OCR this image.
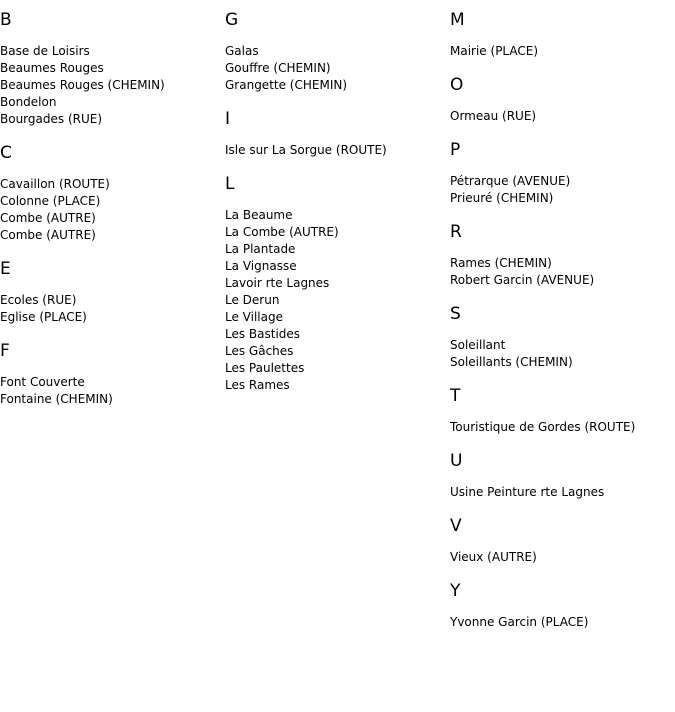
B
Base de Loisirs
Beaumes Rouges
Beaumes Rouges (CHEMIN)
Bondelon
Bourgades (RUE)
C
Cavaillon (ROUTE)
Colonne (PLACE)
Combe (AUTRE)
Combe (AUTRE)
E
Ecoles (RUE)
Eglise (PLACE)
F
Font Couverte
Fontaine (CHEMIN)
G
Galas
Gouffre (CHEMIN)
Grangette (CHEMIN)
I
Isle sur La Sorgue (ROUTE)
L
La Beaume
La Combe (AUTRE)
La Plantade
La Vignasse
Lavoir rte Lagnes
Le Derun
Le Village
Les Bastides
Les Gâches
Les Paulettes
Les Rames
M
Mairie (PLACE)
O
Ormeau (RUE)
P
Pétrarque (AVENUE)
Prieuré (CHEMIN)
R
Rames (CHEMIN)
Robert Garcin (AVENUE)
S
Soleillant
Soleillants (CHEMIN)
T
Touristique de Gordes (ROUTE)
U
Usine Peinture rte Lagnes
V
Vieux (AUTRE)
Y
Yvonne Garcin (PLACE)
